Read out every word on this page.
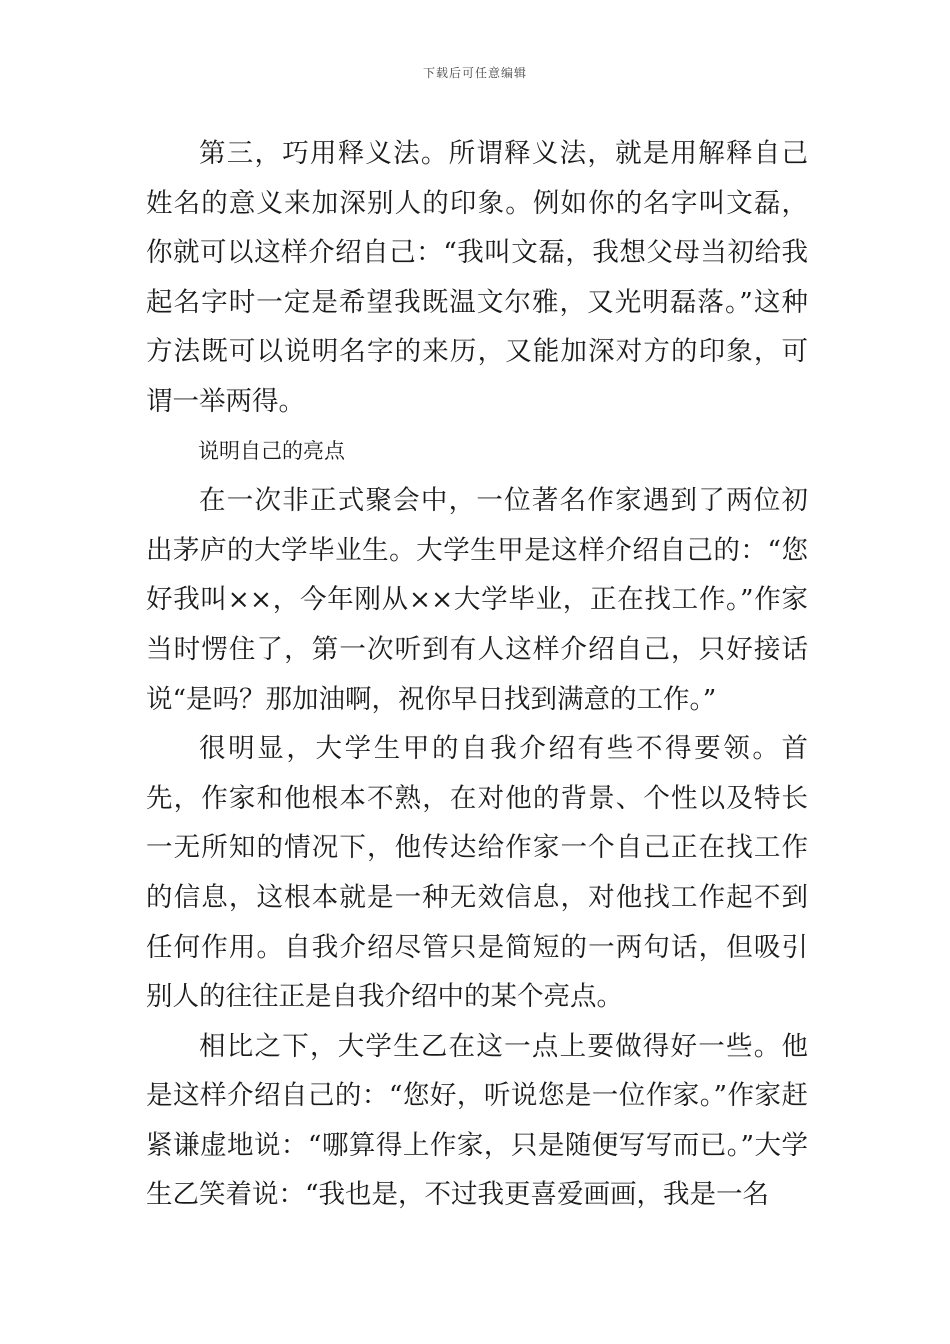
下载后可任意编辑

第三，巧用释义法。所谓释义法，就是用解释自己姓名的意义来加深别人的印象。例如你的名字叫文磊，你就可以这样介绍自己：“我叫文磊，我想父母当初给我起名字时一定是希望我既温文尔雅，又光明磊落。”这种方法既可以说明名字的来历，又能加深对方的印象，可谓一举两得。

说明自己的亮点

在一次非正式聚会中，一位著名作家遇到了两位初出茅庐的大学毕业生。大学生甲是这样介绍自己的：“您好我叫××，今年刚从××大学毕业，正在找工作。”作家当时愣住了，第一次听到有人这样介绍自己，只好接话说“是吗？那加油啊，祝你早日找到满意的工作。”

很明显，大学生甲的自我介绍有些不得要领。首先，作家和他根本不熟，在对他的背景、个性以及特长一无所知的情况下，他传达给作家一个自己正在找工作的信息，这根本就是一种无效信息，对他找工作起不到任何作用。自我介绍尽管只是简短的一两句话，但吸引别人的往往正是自我介绍中的某个亮点。

相比之下，大学生乙在这一点上要做得好一些。他是这样介绍自己的：“您好，听说您是一位作家。”作家赶紧谦虚地说：“哪算得上作家，只是随便写写而已。”大学生乙笑着说：“我也是，不过我更喜爱画画，我是一名
